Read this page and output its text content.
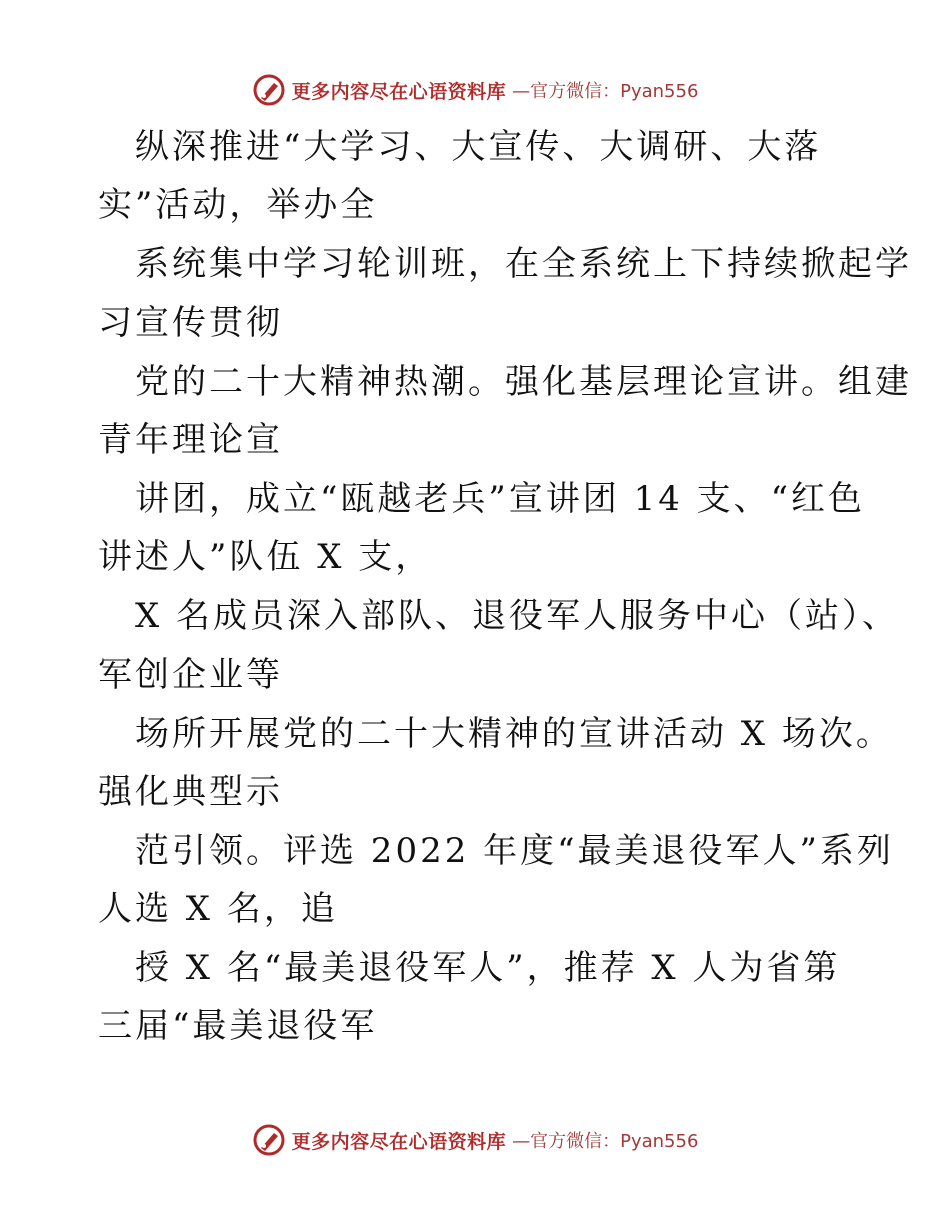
更多内容尽在心语资料库 —官方微信：Pyan556
纵深推进“大学习、大宣传、大调研、大落
实”活动，举办全
系统集中学习轮训班，在全系统上下持续掀起学
习宣传贯彻
党的二十大精神热潮。强化基层理论宣讲。组建
青年理论宣
讲团，成立“瓯越老兵”宣讲团 14 支、“红色
讲述人”队伍 X 支，
X 名成员深入部队、退役军人服务中心（站）、
军创企业等
场所开展党的二十大精神的宣讲活动 X 场次。
强化典型示
范引领。评选 2022 年度“最美退役军人”系列
人选 X 名，追
授 X 名“最美退役军人”，推荐 X 人为省第
三届“最美退役军
更多内容尽在心语资料库 —官方微信：Pyan556
